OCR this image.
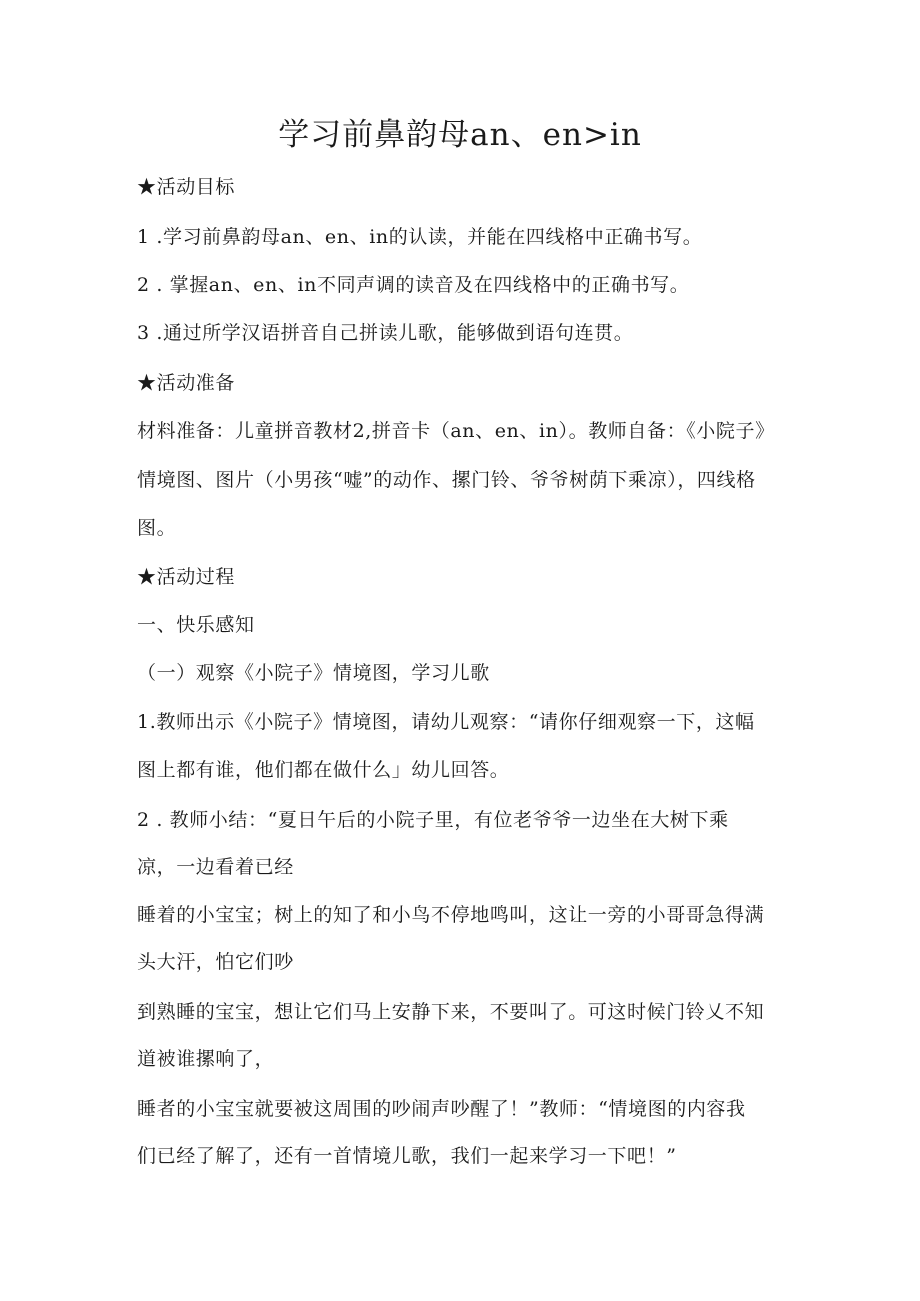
学习前鼻韵母an、en>in
★活动目标
1 .学习前鼻韵母an、en、in的认读，并能在四线格中正确书写。
2 . 掌握an、en、in不同声调的读音及在四线格中的正确书写。
3 .通过所学汉语拼音自己拼读儿歌，能够做到语句连贯。
★活动准备
材料准备：儿童拼音教材2,拼音卡（an、en、in）。教师自备：《小院子》
情境图、图片（小男孩“嘘”的动作、摞门铃、爷爷树荫下乘凉），四线格
图。
★活动过程
一、快乐感知
（一）观察《小院子》情境图，学习儿歌
1.教师出示《小院子》情境图，请幼儿观察：“请你仔细观察一下，这幅
图上都有谁，他们都在做什么」幼儿回答。
2 . 教师小结：“夏日午后的小院子里，有位老爷爷一边坐在大树下乘
凉，一边看着已经
睡着的小宝宝；树上的知了和小鸟不停地鸣叫，这让一旁的小哥哥急得满
头大汗，怕它们吵
到熟睡的宝宝，想让它们马上安静下来，不要叫了。可这时候门铃乂不知
道被谁摞响了，
睡者的小宝宝就要被这周围的吵闹声吵醒了！”教师：“情境图的内容我
们已经了解了，还有一首情境儿歌，我们一起来学习一下吧！”
